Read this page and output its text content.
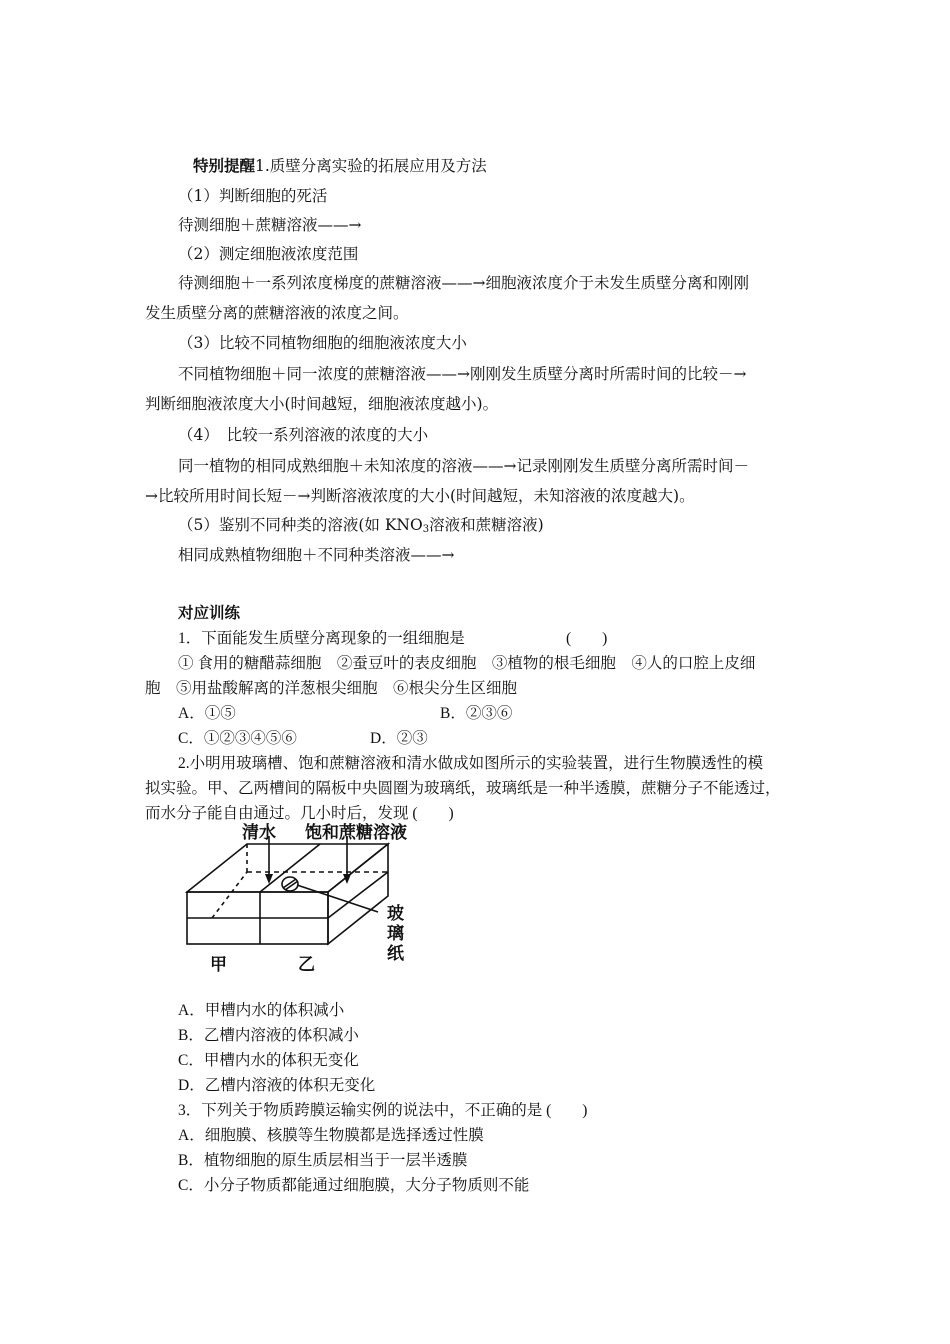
特别提醒1.质壁分离实验的拓展应用及方法
（1）判断细胞的死活
待测细胞＋蔗糖溶液——→
（2）测定细胞液浓度范围
待测细胞＋一系列浓度梯度的蔗糖溶液——→细胞液浓度介于未发生质壁分离和刚刚
发生质壁分离的蔗糖溶液的浓度之间。
（3）比较不同植物细胞的细胞液浓度大小
不同植物细胞＋同一浓度的蔗糖溶液——→刚刚发生质壁分离时所需时间的比较－→
判断细胞液浓度大小(时间越短，细胞液浓度越小)。
（4）　比较一系列溶液的浓度的大小
同一植物的相同成熟细胞＋未知浓度的溶液——→记录刚刚发生质壁分离所需时间－
→比较所用时间长短－→判断溶液浓度的大小(时间越短，未知溶液的浓度越大)。
（5）鉴别不同种类的溶液(如 $KNO_3$溶液和蔗糖溶液)
相同成熟植物细胞＋不同种类溶液——→
对应训练
1．下面能发生质壁分离现象的一组细胞是	(　　)
① 食用的糖醋蒜细胞　②蚕豆叶的表皮细胞　③植物的根毛细胞　④人的口腔上皮细
胞　⑤用盐酸解离的洋葱根尖细胞　⑥根尖分生区细胞
A．①⑤	B．②③⑥
C．①②③④⑤⑥	D．②③
2.小明用玻璃槽、饱和蔗糖溶液和清水做成如图所示的实验装置，进行生物膜透性的模
拟实验。甲、乙两槽间的隔板中央圆圈为玻璃纸，玻璃纸是一种半透膜，蔗糖分子不能透过，
而水分子能自由通过。几小时后，发现 (　　)
清水 饱和蔗糖溶液
玻
璃
纸
甲	乙
A．甲槽内水的体积减小
B．乙槽内溶液的体积减小
C．甲槽内水的体积无变化
D．乙槽内溶液的体积无变化
3．下列关于物质跨膜运输实例的说法中，不正确的是 (　　)
A．细胞膜、核膜等生物膜都是选择透过性膜
B．植物细胞的原生质层相当于一层半透膜
C．小分子物质都能通过细胞膜，大分子物质则不能
